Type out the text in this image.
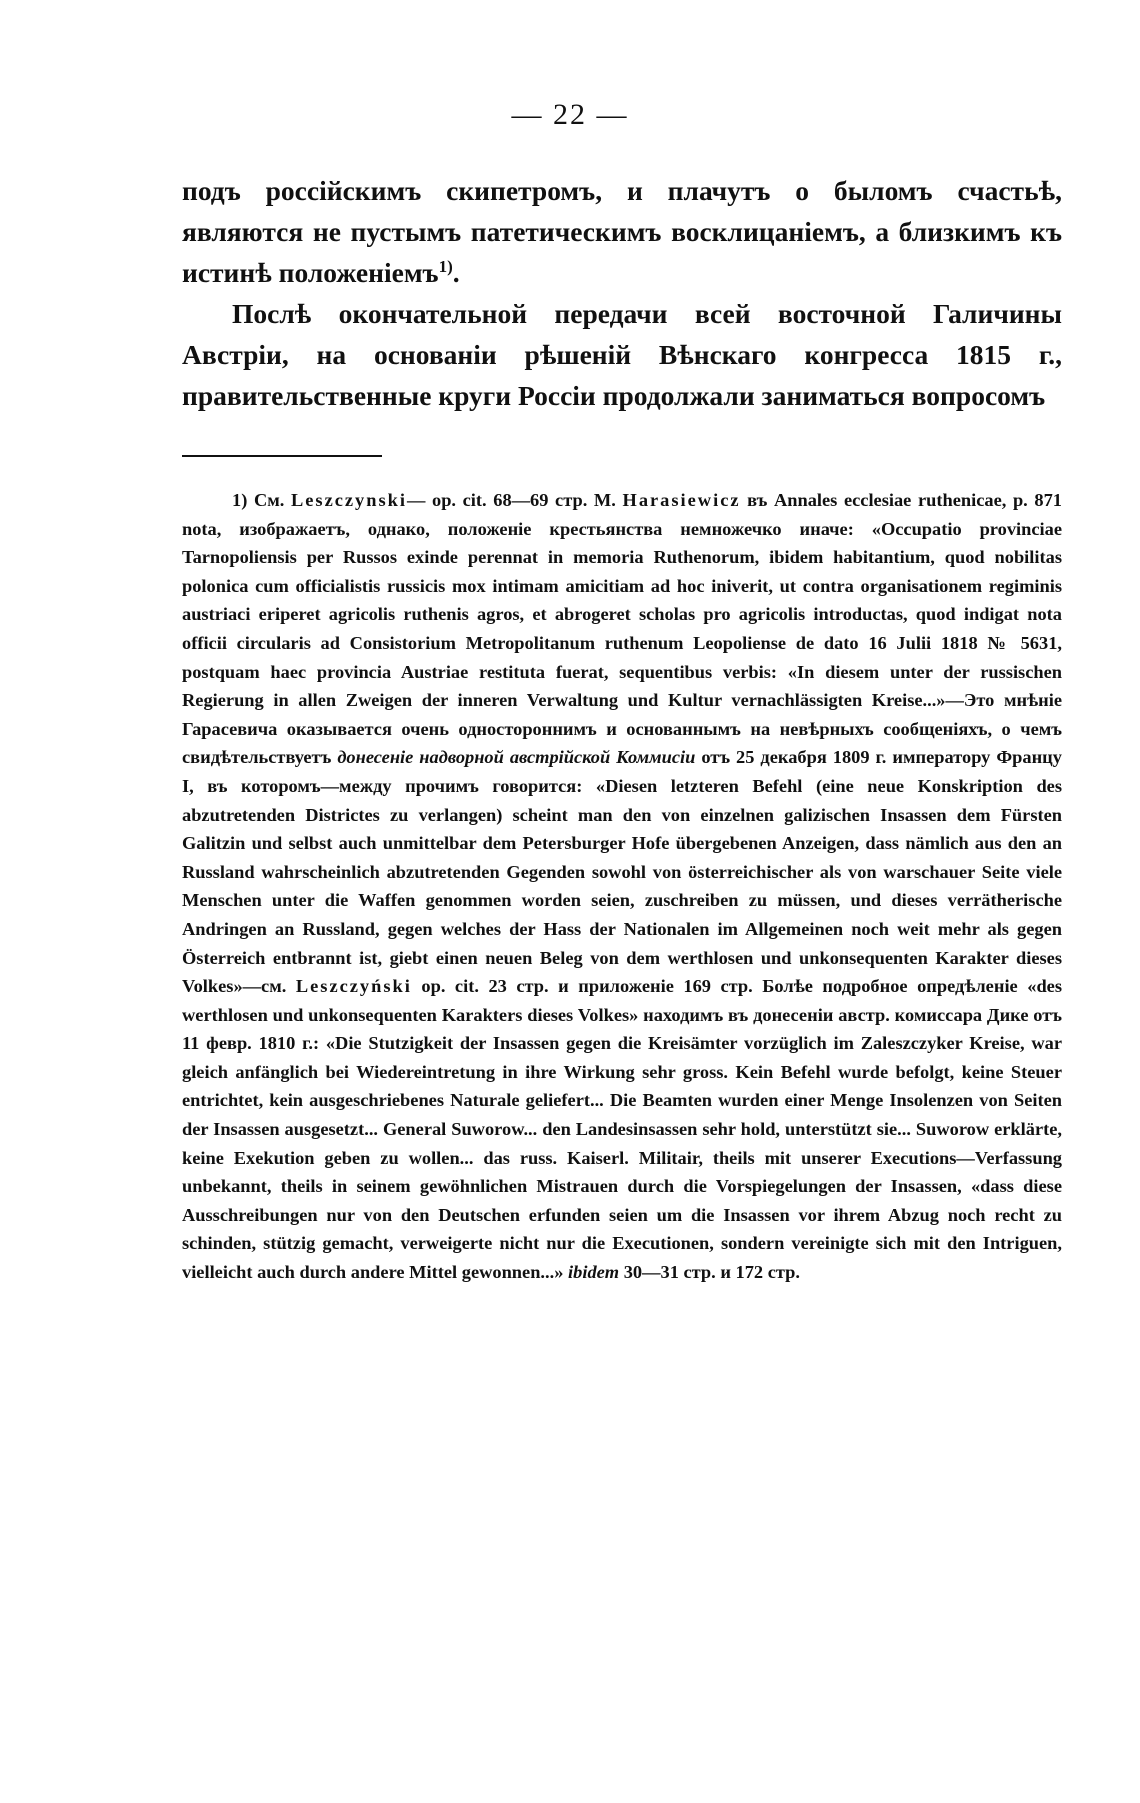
— 22 —

подъ россійскимъ скипетромъ, и плачутъ о быломъ счастьѣ, являются не пустымъ патетическимъ восклицаніемъ, а близкимъ къ истинѣ положеніемъ$^{1)}$.

Послѣ окончательной передачи всей восточной Галичины Австріи, на основаніи рѣшеній Вѣнскаго конгресса 1815 г., правительственные круги Россіи продолжали заниматься вопросомъ

1) См. Leszczynski— op. cit. 68—69 стр. M. Harasiewicz въ Annales ecclesiae ruthenicae, p. 871 nota, изображаетъ, однако, положеніе крестьянства немножечко иначе: «Occupatio provinciae Tarnopoliensis per Russos exinde perennat in memoria Ruthenorum, ibidem habitantium, quod nobilitas polonica cum officialistis russicis mox intimam amicitiam ad hoc iniverit, ut contra organisationem regiminis austriaci eriperet agricolis ruthenis agros, et abrogeret scholas pro agricolis introductas, quod indigat nota officii circularis ad Consistorium Metropolitanum ruthenum Leopoliense de dato 16 Julii 1818 № 5631, postquam haec provincia Austriae restituta fuerat, sequentibus verbis: «In diesem unter der russischen Regierung in allen Zweigen der inneren Verwaltung und Kultur vernachlässigten Kreise...»—Это мнѣніе Гарасевича оказывается очень одностороннимъ и основаннымъ на невѣрныхъ сообщеніяхъ, о чемъ свидѣтельствуетъ донесеніе надворной австрійской Коммисіи отъ 25 декабря 1809 г. императору Францу I, въ которомъ—между прочимъ говорится: «Diesen letzteren Befehl (eine neue Konskription des abzutretenden Districtes zu verlangen) scheint man den von einzelnen galizischen Insassen dem Fürsten Galitzin und selbst auch unmittelbar dem Petersburger Hofe übergebenen Anzeigen, dass nämlich aus den an Russland wahrscheinlich abzutretenden Gegenden sowohl von österreichischer als von warschauer Seite viele Menschen unter die Waffen genommen worden seien, zuschreiben zu müssen, und dieses verrätherische Andringen an Russland, gegen welches der Hass der Nationalen im Allgemeinen noch weit mehr als gegen Österreich entbrannt ist, giebt einen neuen Beleg von dem werthlosen und unkonsequenten Karakter dieses Volkes»—см. Leszczyński op. cit. 23 стр. и приложеніе 169 стр. Болѣе подробное опредѣленіе «des werthlosen und unkonsequenten Karakters dieses Volkes» находимъ въ донесеніи австр. комиссара Дике отъ 11 февр. 1810 г.: «Die Stutzigkeit der Insassen gegen die Kreisämter vorzüglich im Zaleszczyker Kreise, war gleich anfänglich bei Wiedereintretung in ihre Wirkung sehr gross. Kein Befehl wurde befolgt, keine Steuer entrichtet, kein ausgeschriebenes Naturale geliefert... Die Beamten wurden einer Menge Insolenzen von Seiten der Insassen ausgesetzt... General Suworow... den Landesinsassen sehr hold, unterstützt sie... Suworow erklärte, keine Exekution geben zu wollen... das russ. Kaiserl. Militair, theils mit unserer Executions—Verfassung unbekannt, theils in seinem gewöhnlichen Mistrauen durch die Vorspiegelungen der Insassen, «dass diese Ausschreibungen nur von den Deutschen erfunden seien um die Insassen vor ihrem Abzug noch recht zu schinden, stützig gemacht, verweigerte nicht nur die Executionen, sondern vereinigte sich mit den Intriguen, vielleicht auch durch andere Mittel gewonnen...» ibidem 30—31 стр. и 172 стр.
